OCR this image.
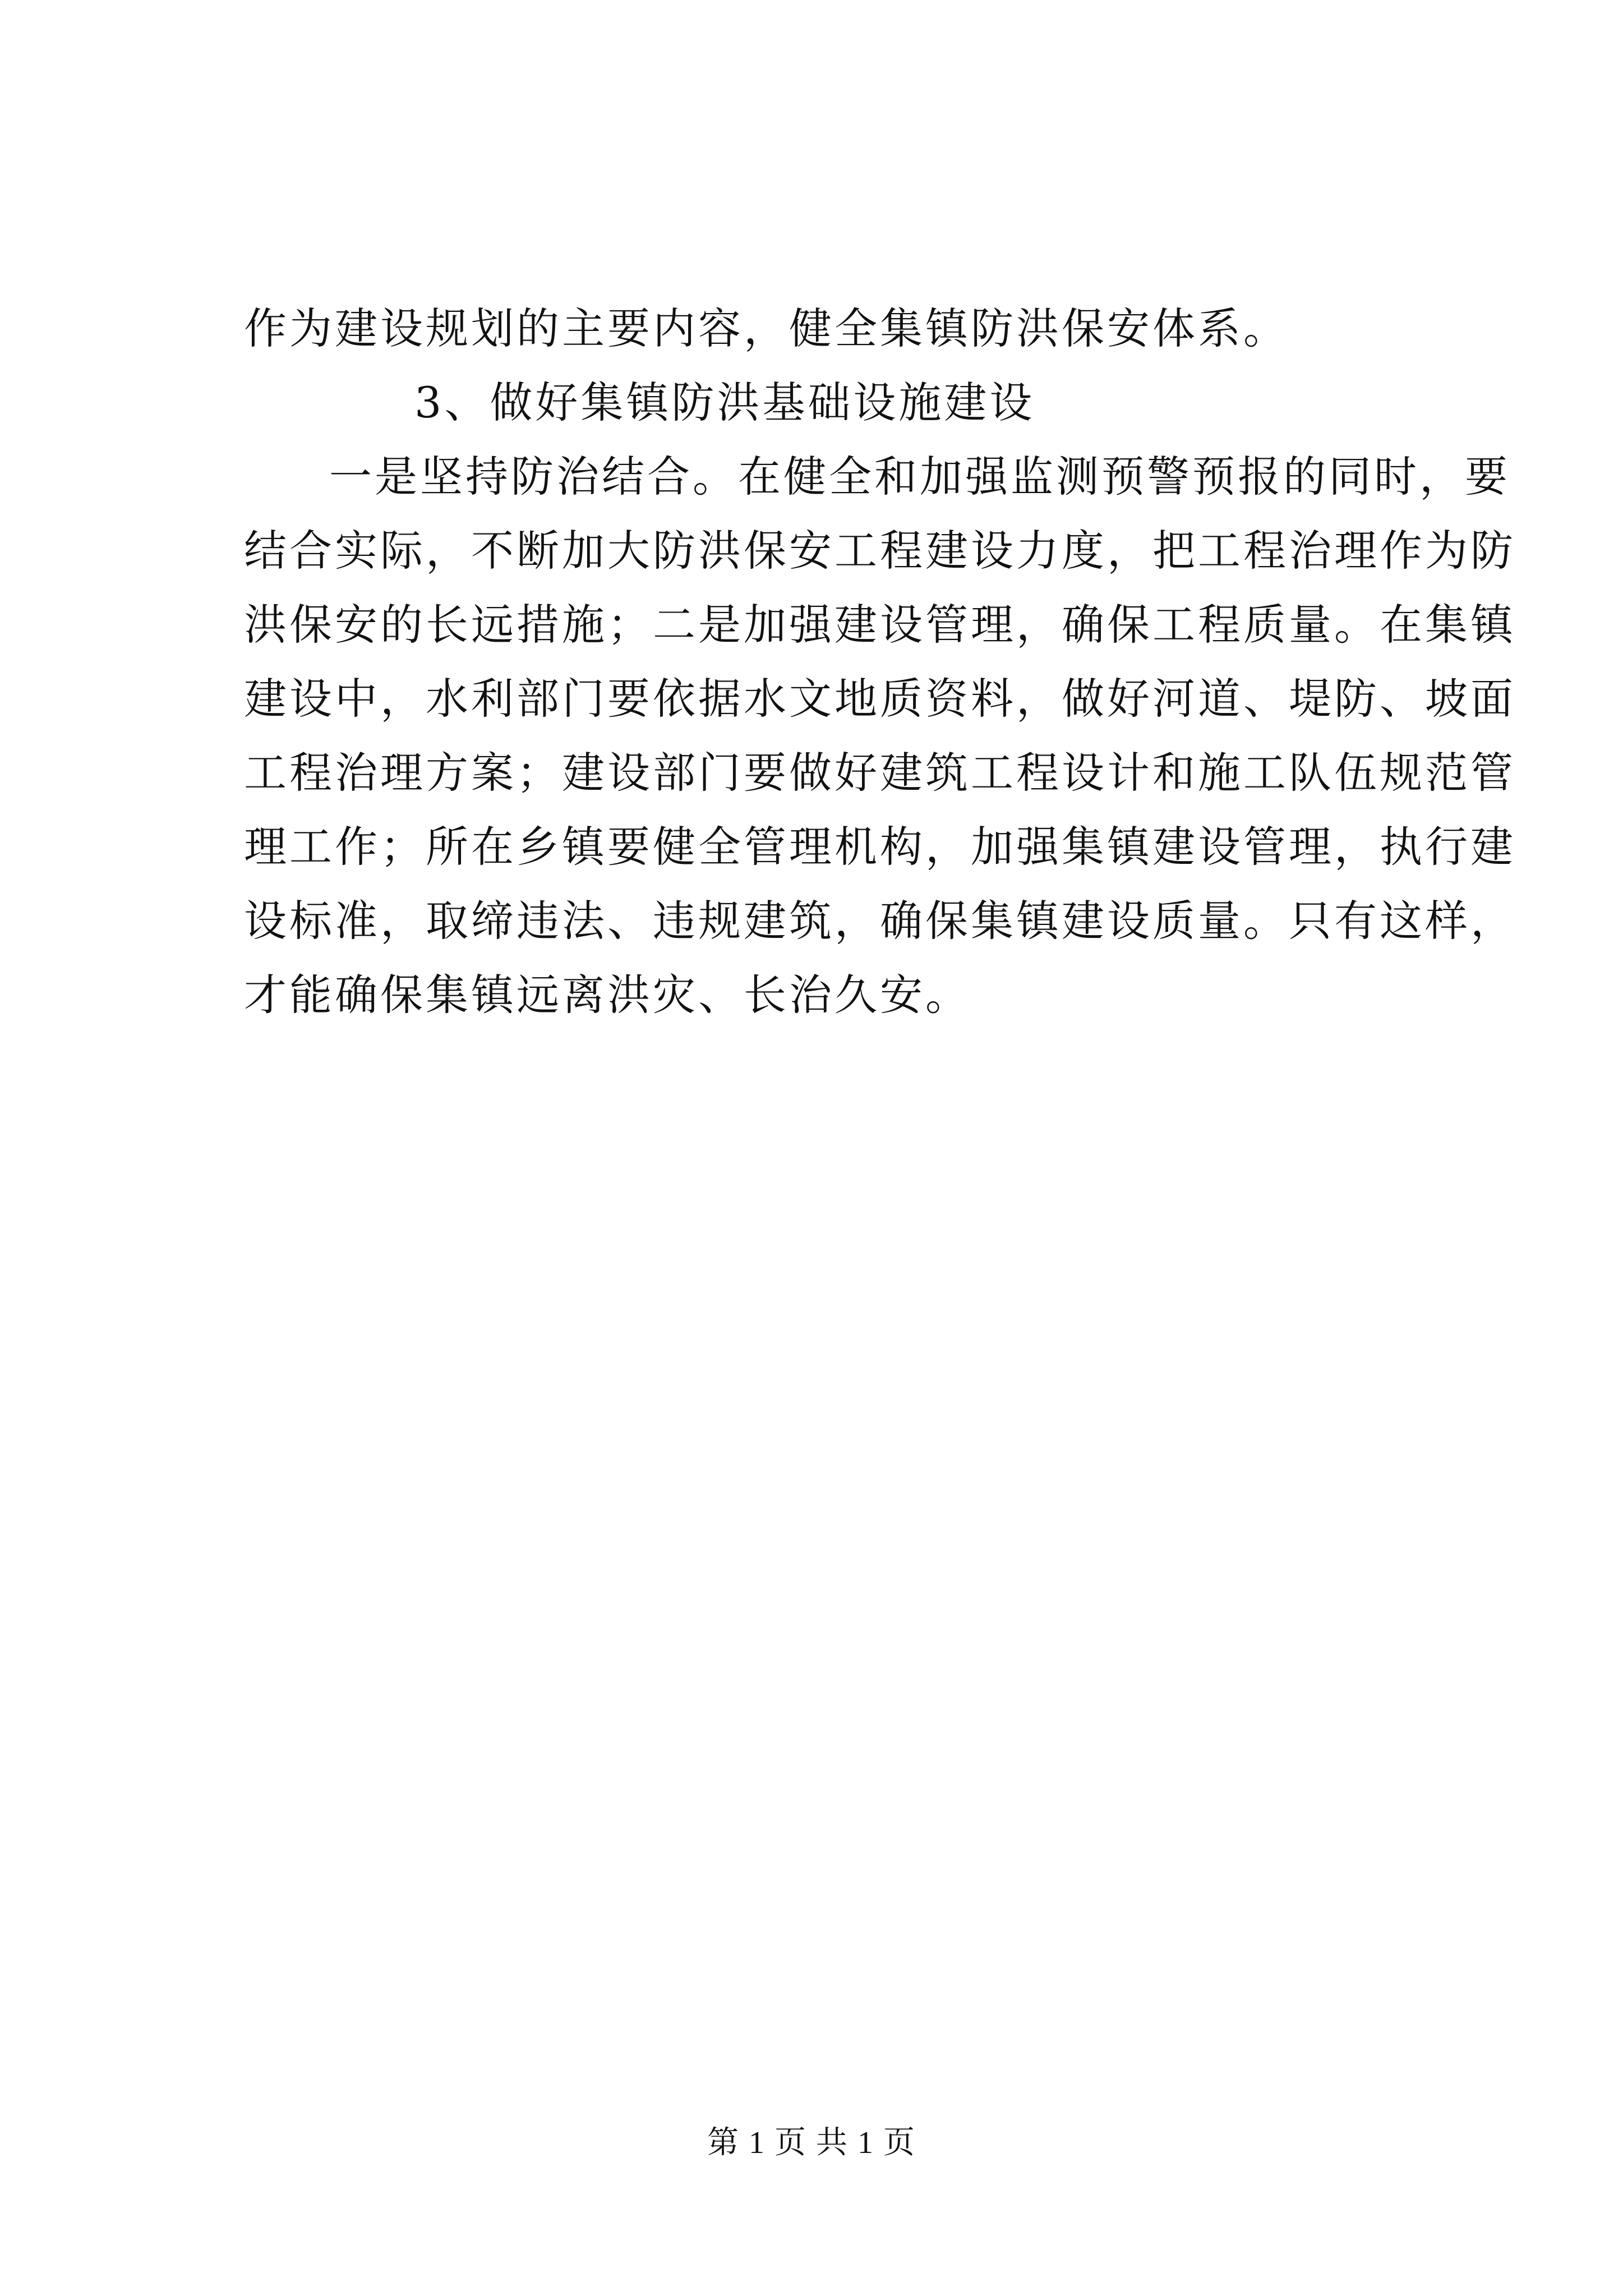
作为建设规划的主要内容，健全集镇防洪保安体系。

3、做好集镇防洪基础设施建设

一是坚持防治结合。在健全和加强监测预警预报的同时，要
结合实际，不断加大防洪保安工程建设力度，把工程治理作为防
洪保安的长远措施；二是加强建设管理，确保工程质量。在集镇
建设中，水利部门要依据水文地质资料，做好河道、堤防、坡面
工程治理方案；建设部门要做好建筑工程设计和施工队伍规范管
理工作；所在乡镇要健全管理机构，加强集镇建设管理，执行建
设标准，取缔违法、违规建筑，确保集镇建设质量。只有这样，
才能确保集镇远离洪灾、长治久安。

第 1 页 共 1 页
